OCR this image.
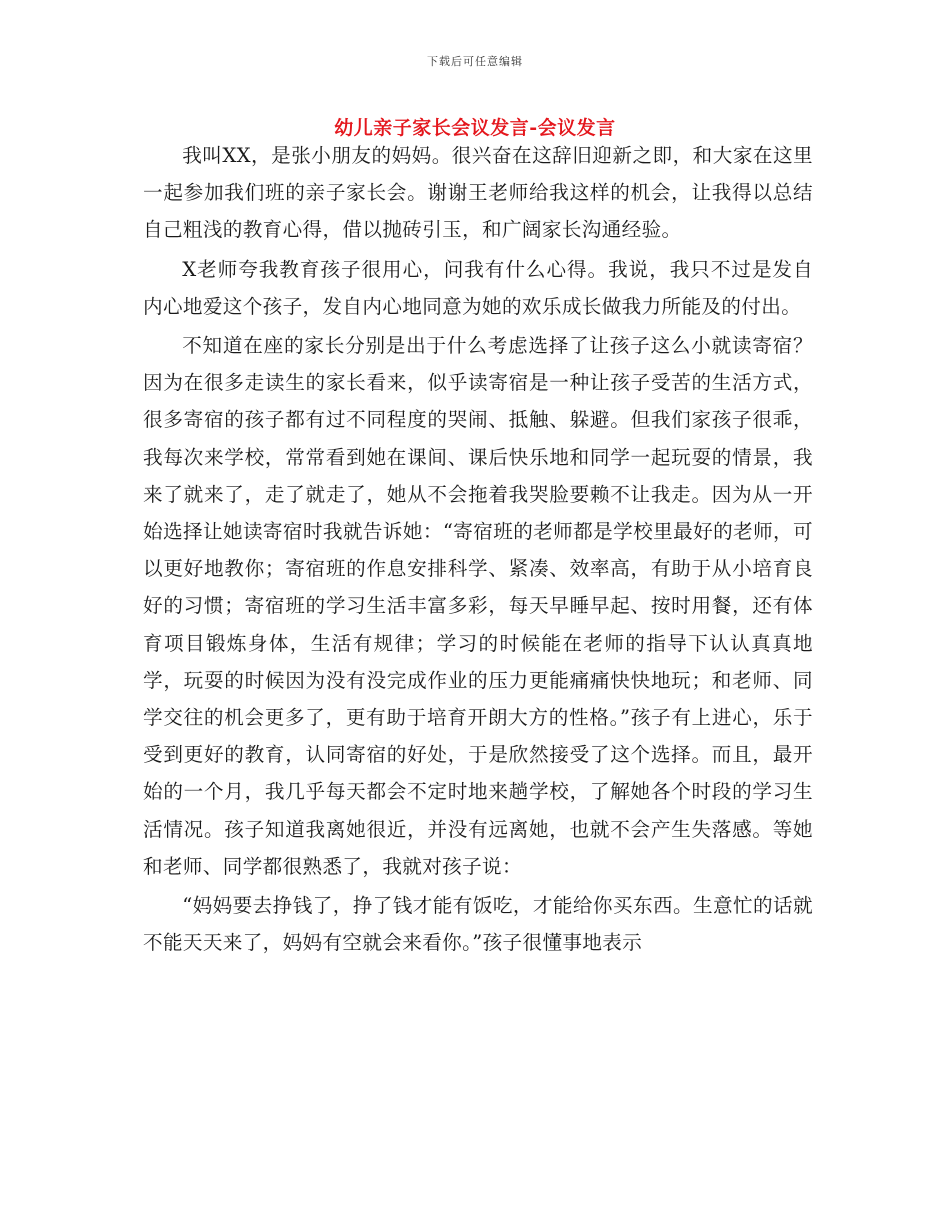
下载后可任意编辑
幼儿亲子家长会议发言-会议发言

我叫XX，是张小朋友的妈妈。很兴奋在这辞旧迎新之即，和大家在这里一起参加我们班的亲子家长会。谢谢王老师给我这样的机会，让我得以总结自己粗浅的教育心得，借以抛砖引玉，和广阔家长沟通经验。

X老师夸我教育孩子很用心，问我有什么心得。我说，我只不过是发自内心地爱这个孩子，发自内心地同意为她的欢乐成长做我力所能及的付出。

不知道在座的家长分别是出于什么考虑选择了让孩子这么小就读寄宿？因为在很多走读生的家长看来，似乎读寄宿是一种让孩子受苦的生活方式，很多寄宿的孩子都有过不同程度的哭闹、抵触、躲避。但我们家孩子很乖，我每次来学校，常常看到她在课间、课后快乐地和同学一起玩耍的情景，我来了就来了，走了就走了，她从不会拖着我哭脸要赖不让我走。因为从一开始选择让她读寄宿时我就告诉她：“寄宿班的老师都是学校里最好的老师，可以更好地教你；寄宿班的作息安排科学、紧凑、效率高，有助于从小培育良好的习惯；寄宿班的学习生活丰富多彩，每天早睡早起、按时用餐，还有体育项目锻炼身体，生活有规律；学习的时候能在老师的指导下认认真真地学，玩耍的时候因为没有没完成作业的压力更能痛痛快快地玩；和老师、同学交往的机会更多了，更有助于培育开朗大方的性格。”孩子有上进心，乐于受到更好的教育，认同寄宿的好处，于是欣然接受了这个选择。而且，最开始的一个月，我几乎每天都会不定时地来趟学校，了解她各个时段的学习生活情况。孩子知道我离她很近，并没有远离她，也就不会产生失落感。等她和老师、同学都很熟悉了，我就对孩子说：

“妈妈要去挣钱了，挣了钱才能有饭吃，才能给你买东西。生意忙的话就不能天天来了，妈妈有空就会来看你。”孩子很懂事地表示
